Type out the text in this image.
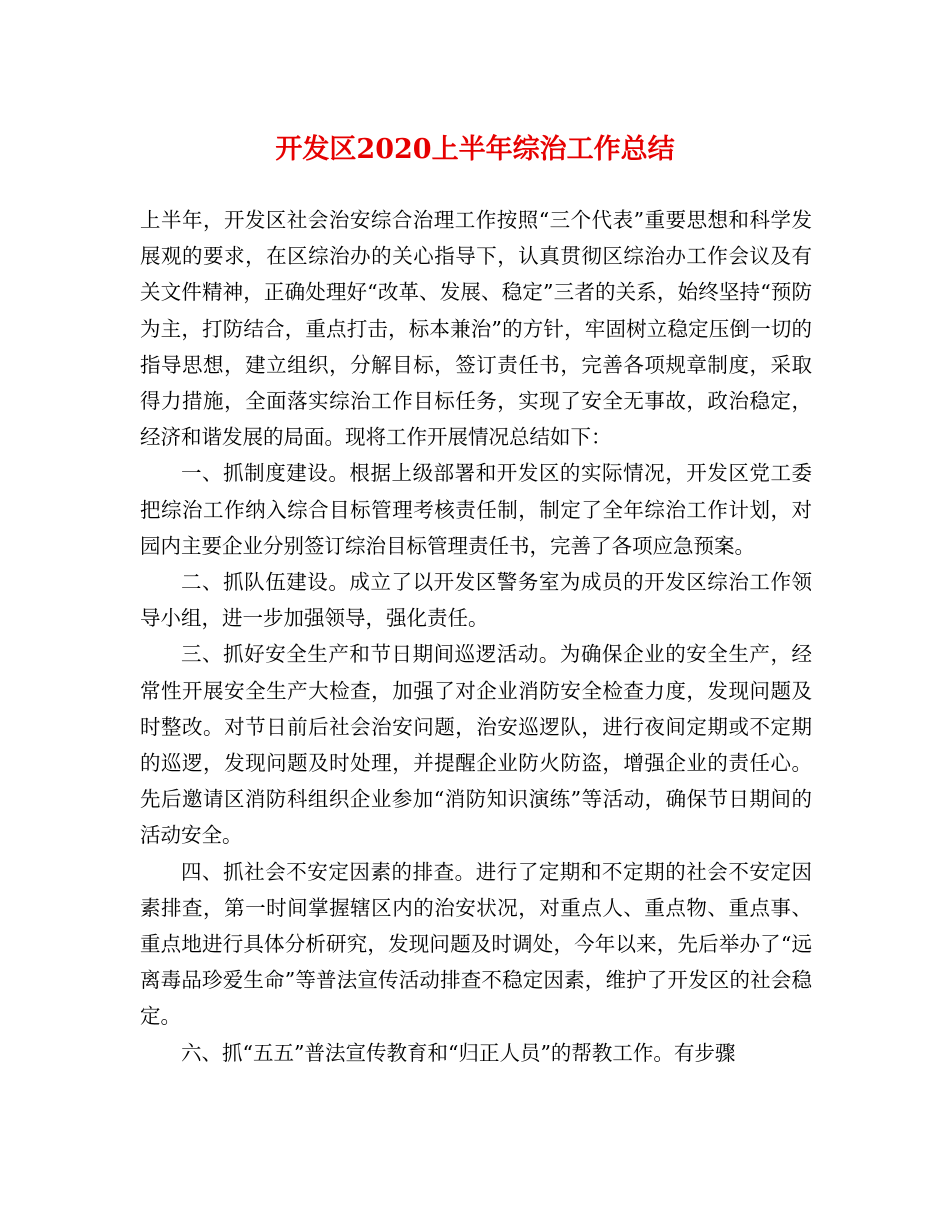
开发区2020上半年综治工作总结

上半年，开发区社会治安综合治理工作按照“三个代表”重要思想和科学发展观的要求，在区综治办的关心指导下，认真贯彻区综治办工作会议及有关文件精神，正确处理好“改革、发展、稳定”三者的关系，始终坚持“预防为主，打防结合，重点打击，标本兼治”的方针，牢固树立稳定压倒一切的指导思想，建立组织，分解目标，签订责任书，完善各项规章制度，采取得力措施，全面落实综治工作目标任务，实现了安全无事故，政治稳定，经济和谐发展的局面。现将工作开展情况总结如下：

一、抓制度建设。根据上级部署和开发区的实际情况，开发区党工委把综治工作纳入综合目标管理考核责任制，制定了全年综治工作计划，对园内主要企业分别签订综治目标管理责任书，完善了各项应急预案。

二、抓队伍建设。成立了以开发区警务室为成员的开发区综治工作领导小组，进一步加强领导，强化责任。

三、抓好安全生产和节日期间巡逻活动。为确保企业的安全生产，经常性开展安全生产大检查，加强了对企业消防安全检查力度，发现问题及时整改。对节日前后社会治安问题，治安巡逻队，进行夜间定期或不定期的巡逻，发现问题及时处理，并提醒企业防火防盗，增强企业的责任心。先后邀请区消防科组织企业参加“消防知识演练”等活动，确保节日期间的活动安全。

四、抓社会不安定因素的排查。进行了定期和不定期的社会不安定因素排查，第一时间掌握辖区内的治安状况，对重点人、重点物、重点事、重点地进行具体分析研究，发现问题及时调处，今年以来，先后举办了“远离毒品珍爱生命”等普法宣传活动排查不稳定因素，维护了开发区的社会稳定。

六、抓“五五”普法宣传教育和“归正人员”的帮教工作。有步骤
